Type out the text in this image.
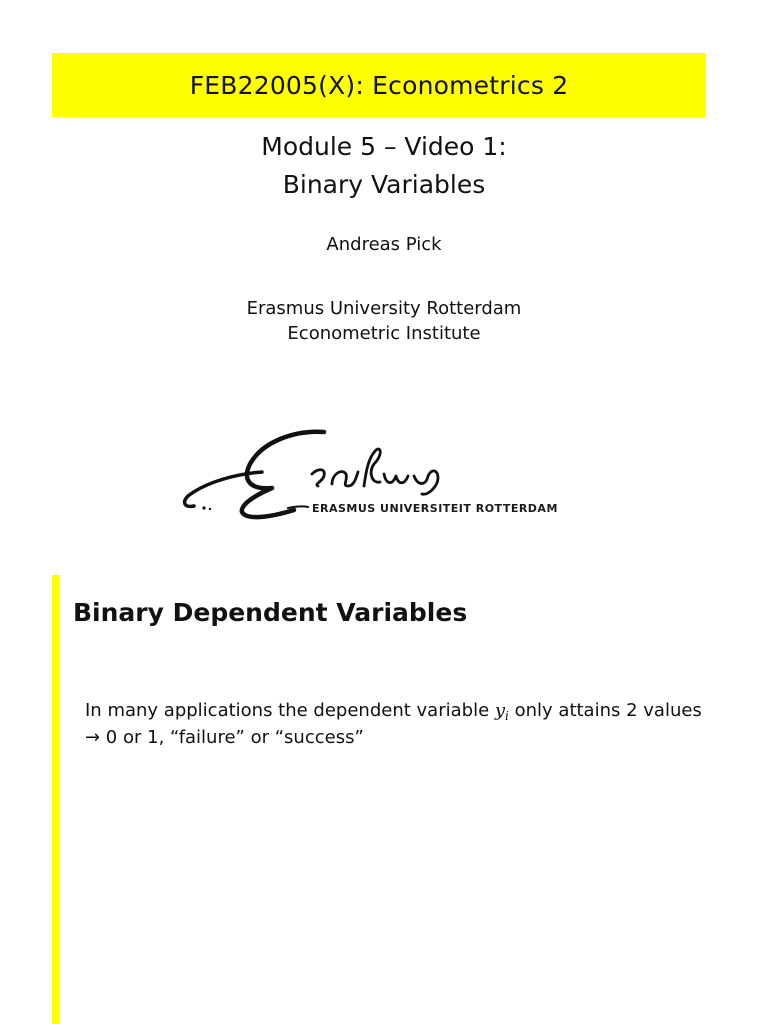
FEB22005(X): Econometrics 2
Module 5 – Video 1:
Binary Variables
Andreas Pick
Erasmus University Rotterdam
Econometric Institute
ERASMUS UNIVERSITEIT ROTTERDAM
Binary Dependent Variables
In many applications the dependent variable $y_i$ only attains 2 values
→ 0 or 1, “failure” or “success”
